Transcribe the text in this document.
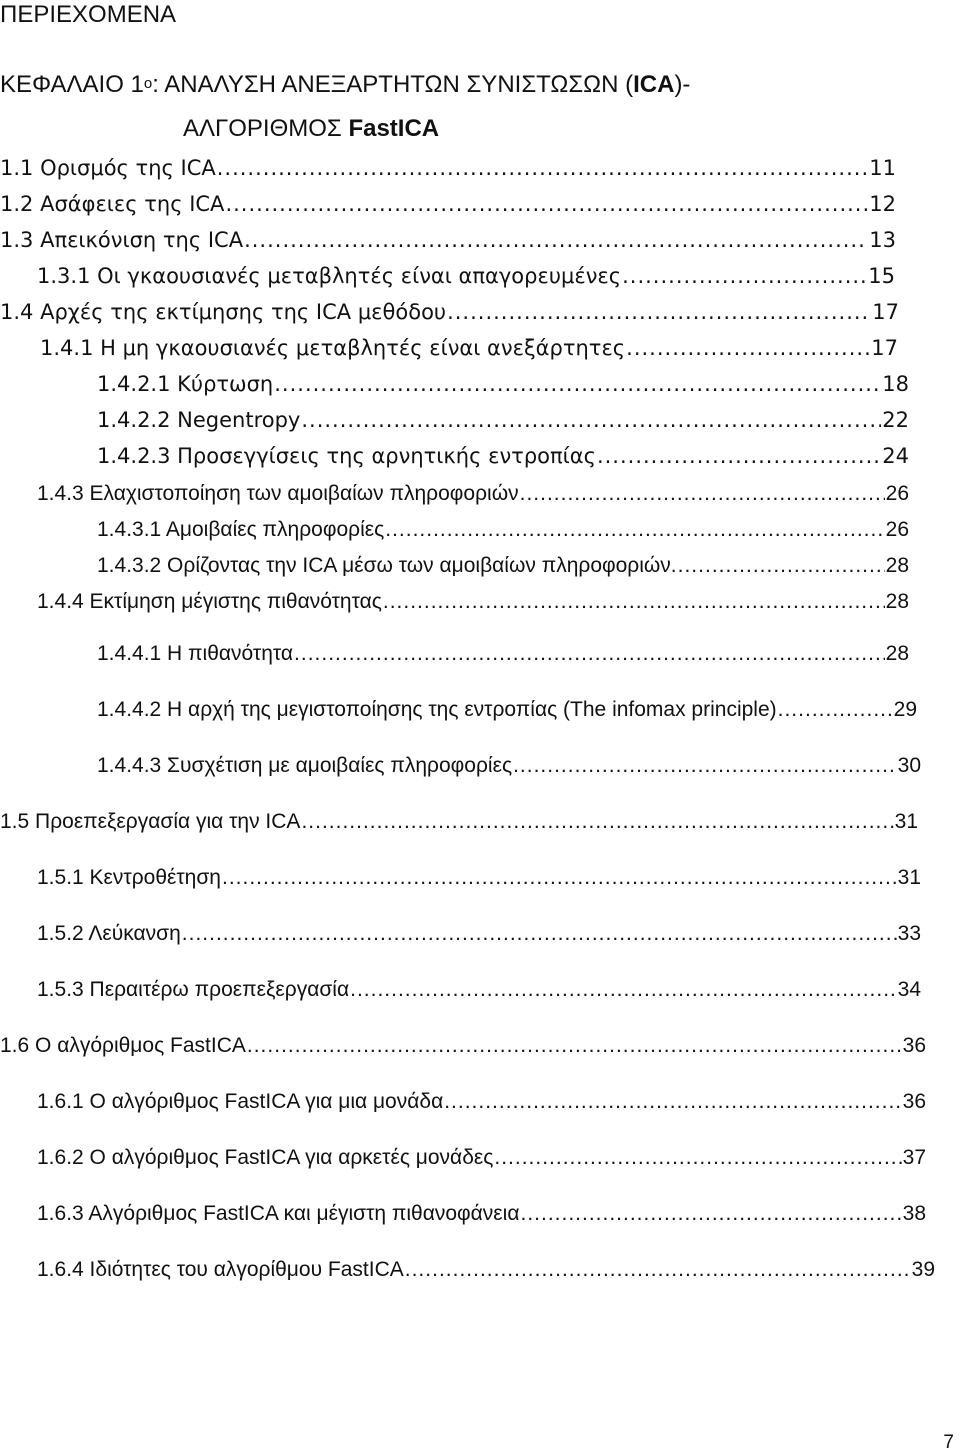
ΠΕΡΙΕΧΟΜΕΝΑ
ΚΕΦΑΛΑΙΟ $1^o$: ΑΝΑΛΥΣΗ ΑΝΕΞΑΡΤΗΤΩΝ ΣΥΝΙΣΤΩΣΩΝ (ICA)-
ΑΛΓΟΡΙΘΜΟΣ FastICA
1.1 Ορισμός της ICA .....	11
1.2 Ασάφειες της ICA .....	12
1.3 Απεικόνιση της ICA .....	13
1.3.1 Οι γκαουσιανές μεταβλητές είναι απαγορευμένες .....	15
1.4 Αρχές της εκτίμησης της ICA μεθόδου .....	17
1.4.1 Η μη γκαουσιανές μεταβλητές είναι ανεξάρτητες .....	17
1.4.2.1 Κύρτωση .....	18
1.4.2.2 Negentropy .....	22
1.4.2.3 Προσεγγίσεις της αρνητικής εντροπίας .....	24
1.4.3 Ελαχιστοποίηση των αμοιβαίων πληροφοριών .....	26
1.4.3.1 Αμοιβαίες πληροφορίες .....	26
1.4.3.2 Ορίζοντας την ICA μέσω των αμοιβαίων πληροφοριών. .....	28
1.4.4 Εκτίμηση μέγιστης πιθανότητας .....	28
1.4.4.1 Η πιθανότητα .....	28
1.4.4.2 Η αρχή της μεγιστοποίησης της εντροπίας (The infomax principle) .....	29
1.4.4.3 Συσχέτιση με αμοιβαίες πληροφορίες .....	30
1.5 Προεπεξεργασία για την ICA .....	31
1.5.1 Κεντροθέτηση .....	31
1.5.2 Λεύκανση .....	33
1.5.3 Περαιτέρω προεπεξεργασία .....	34
1.6 Ο αλγόριθμος FastICA .....	36
1.6.1 Ο αλγόριθμος FastICA για μια μονάδα .....	36
1.6.2 Ο αλγόριθμος FastICA για αρκετές μονάδες .....	37
1.6.3 Αλγόριθμος FastICA και μέγιστη πιθανοφάνεια .....	38
1.6.4 Ιδιότητες του αλγορίθμου FastICA .....	39
7
